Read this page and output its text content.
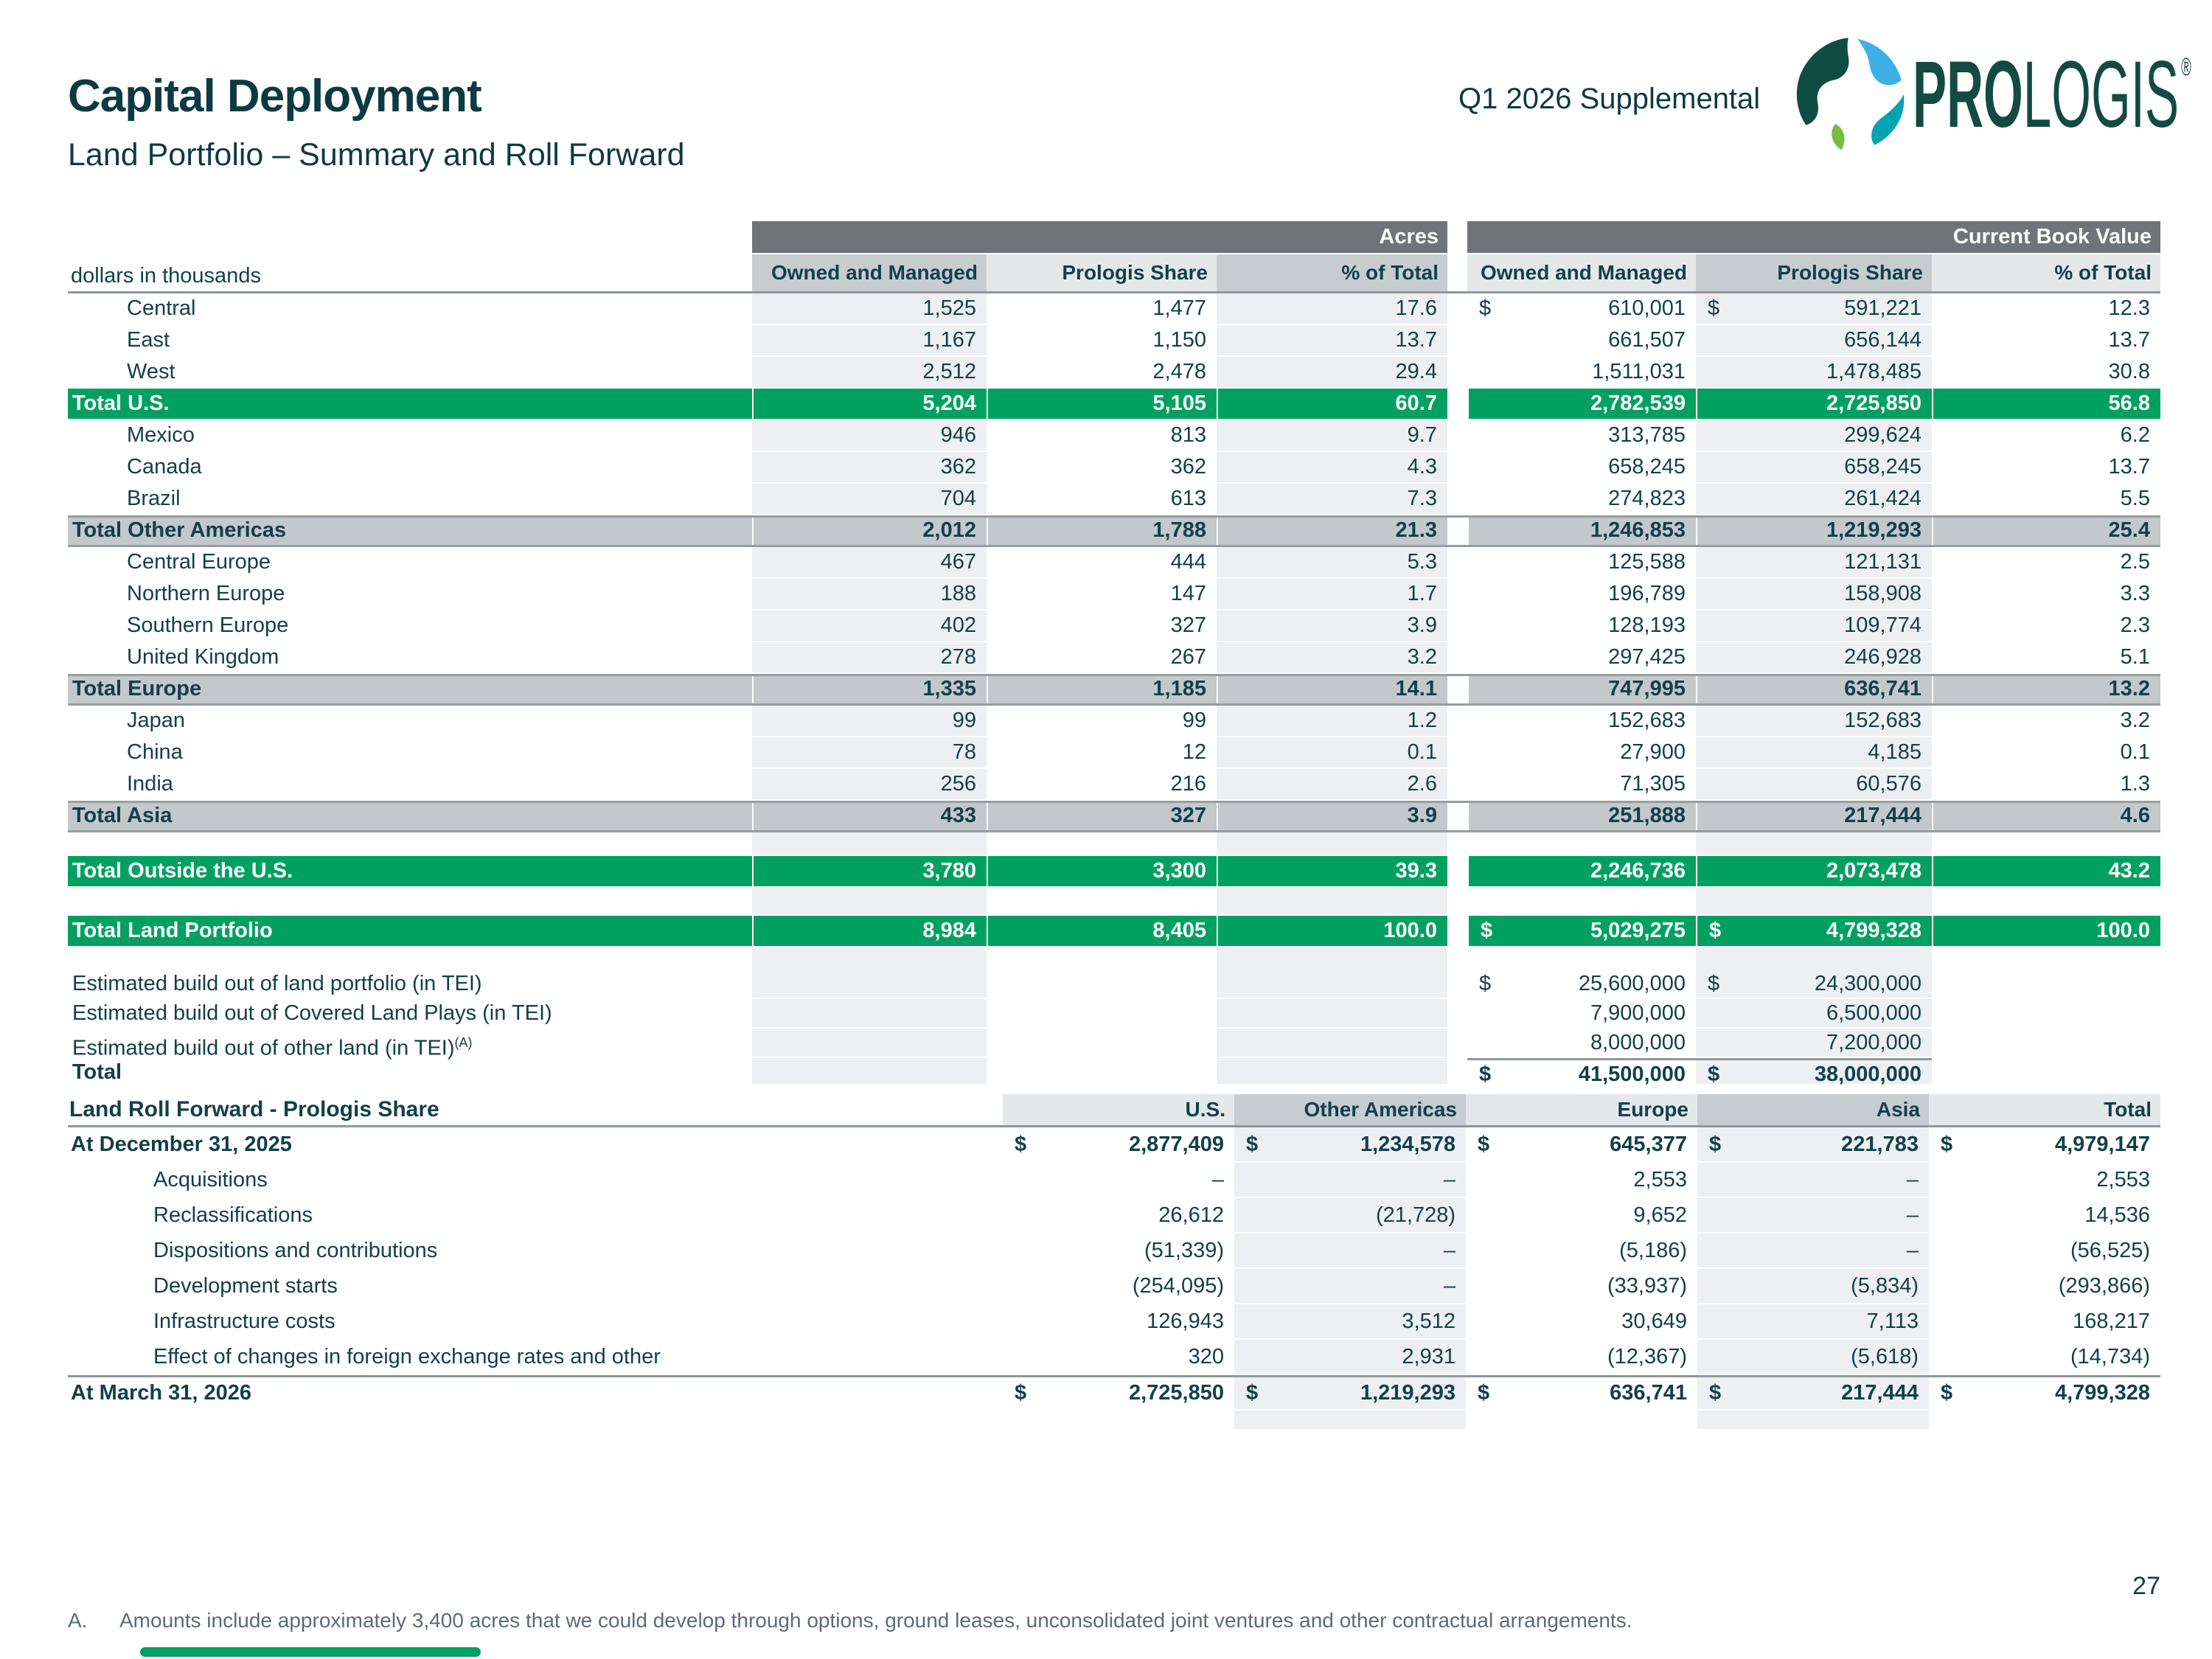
Capital Deployment
Land Portfolio – Summary and Roll Forward
Q1 2026 Supplemental PRO LOGIS ®
Acres	Current Book Value
dollars in thousands	Owned and Managed	Prologis Share	% of Total	Owned and Managed	Prologis Share	% of Total
Central	1,525	1,477	17.6	$	610,001	$	591,221	12.3
East	1,167	1,150	13.7	661,507	656,144	13.7
West	2,512	2,478	29.4	1,511,031	1,478,485	30.8
Total U.S.	5,204	5,105	60.7	2,782,539	2,725,850	56.8
Mexico	946	813	9.7	313,785	299,624	6.2
Canada	362	362	4.3	658,245	658,245	13.7
Brazil	704	613	7.3	274,823	261,424	5.5
Total Other Americas	2,012	1,788	21.3	1,246,853	1,219,293	25.4
Central Europe	467	444	5.3	125,588	121,131	2.5
Northern Europe	188	147	1.7	196,789	158,908	3.3
Southern Europe	402	327	3.9	128,193	109,774	2.3
United Kingdom	278	267	3.2	297,425	246,928	5.1
Total Europe	1,335	1,185	14.1	747,995	636,741	13.2
Japan	99	99	1.2	152,683	152,683	3.2
China	78	12	0.1	27,900	4,185	0.1
India	256	216	2.6	71,305	60,576	1.3
Total Asia	433	327	3.9	251,888	217,444	4.6
Total Outside the U.S.	3,780	3,300	39.3	2,246,736	2,073,478	43.2
Total Land Portfolio	8,984	8,405	100.0	$	5,029,275	$	4,799,328	100.0
Estimated build out of land portfolio (in TEI)	$	25,600,000	$	24,300,000
Estimated build out of Covered Land Plays (in TEI)	7,900,000	6,500,000
Estimated build out of other land (in TEI)$^{(A)}$	8,000,000	7,200,000
Total	$	41,500,000	$	38,000,000
Land Roll Forward - Prologis Share	U.S.	Other Americas	Europe	Asia	Total
At December 31, 2025	$	2,877,409	$	1,234,578	$	645,377	$	221,783	$	4,979,147
Acquisitions	–	–	2,553	–	2,553
Reclassifications	26,612	(21,728)	9,652	–	14,536
Dispositions and contributions	(51,339)	–	(5,186)	–	(56,525)
Development starts	(254,095)	–	(33,937)	(5,834)	(293,866)
Infrastructure costs	126,943	3,512	30,649	7,113	168,217
Effect of changes in foreign exchange rates and other	320	2,931	(12,367)	(5,618)	(14,734)
At March 31, 2026	$	2,725,850	$	1,219,293	$	636,741	$	217,444	$	4,799,328
A.	Amounts include approximately 3,400 acres that we could develop through options, ground leases, unconsolidated joint ventures and other contractual arrangements.
27
